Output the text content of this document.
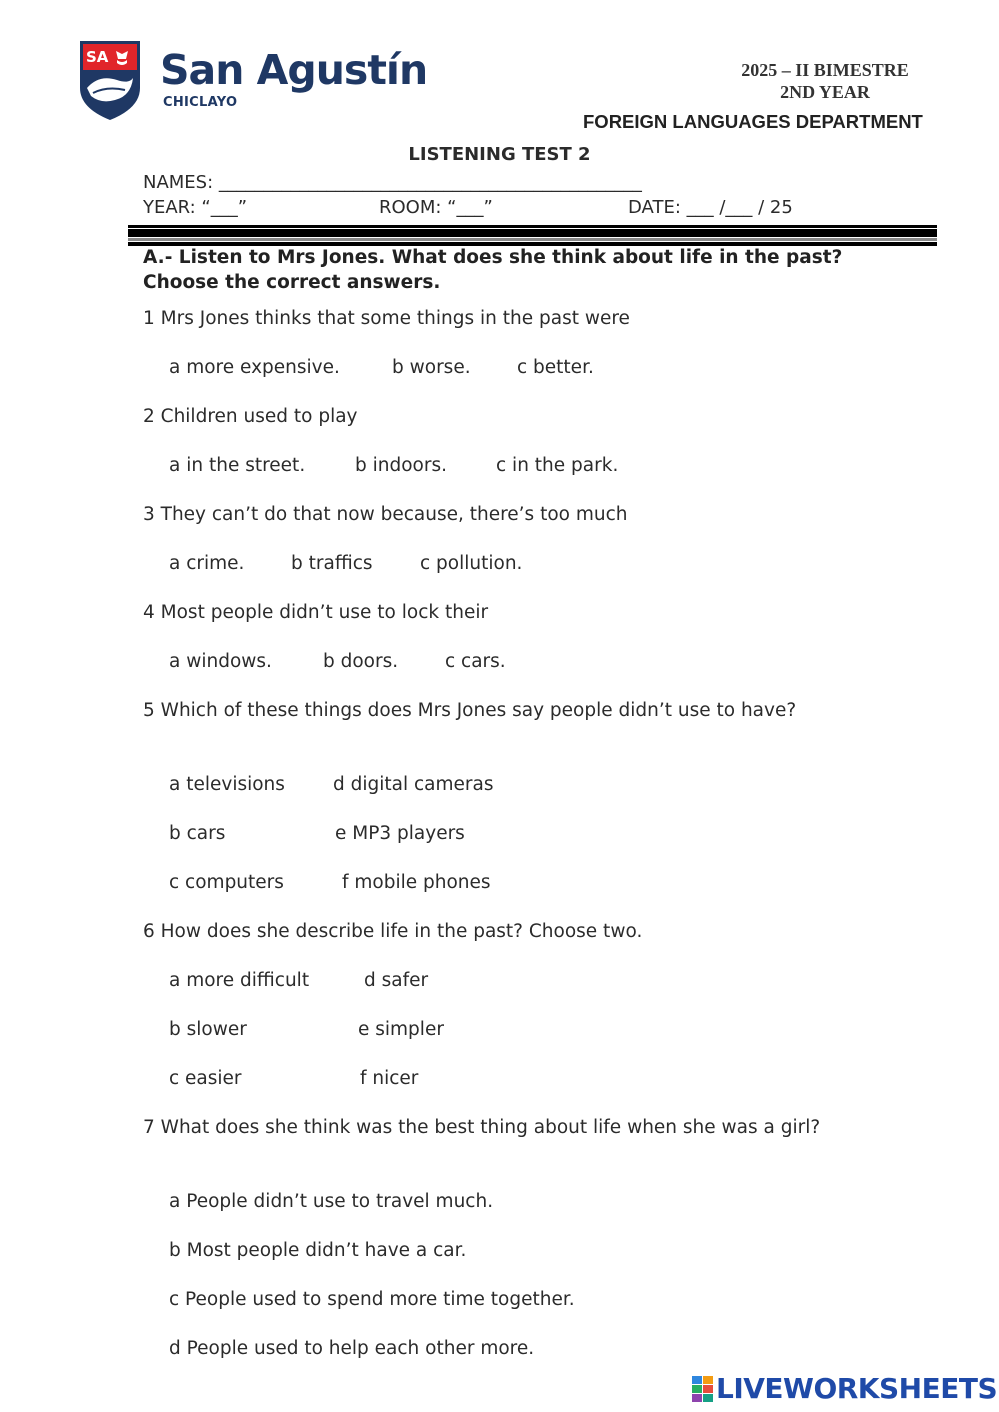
SA San Agustín
CHICLAYO
2025 – II BIMESTRE
2ND YEAR
FOREIGN LANGUAGES DEPARTMENT
LISTENING TEST 2
NAMES: _______________________________________________
YEAR: “___”	ROOM: “___”	DATE: ___ /___ / 25
A.- Listen to Mrs Jones. What does she think about life in the past? Choose the correct answers.
1 Mrs Jones thinks that some things in the past were
a more expensive.	b worse.	c better.
2 Children used to play
a in the street.	b indoors.	c in the park.
3 They can’t do that now because, there’s too much
a crime.	b traffics	c pollution.
4 Most people didn’t use to lock their
a windows.	b doors.	c cars.
5 Which of these things does Mrs Jones say people didn’t use to have?
a televisions	d digital cameras
b cars	e MP3 players
c computers	f mobile phones
6 How does she describe life in the past? Choose two.
a more difficult	d safer
b slower	e simpler
c easier	f nicer
7 What does she think was the best thing about life when she was a girl?
a People didn’t use to travel much.
b Most people didn’t have a car.
c People used to spend more time together.
d People used to help each other more.
LIVEWORKSHEETS
